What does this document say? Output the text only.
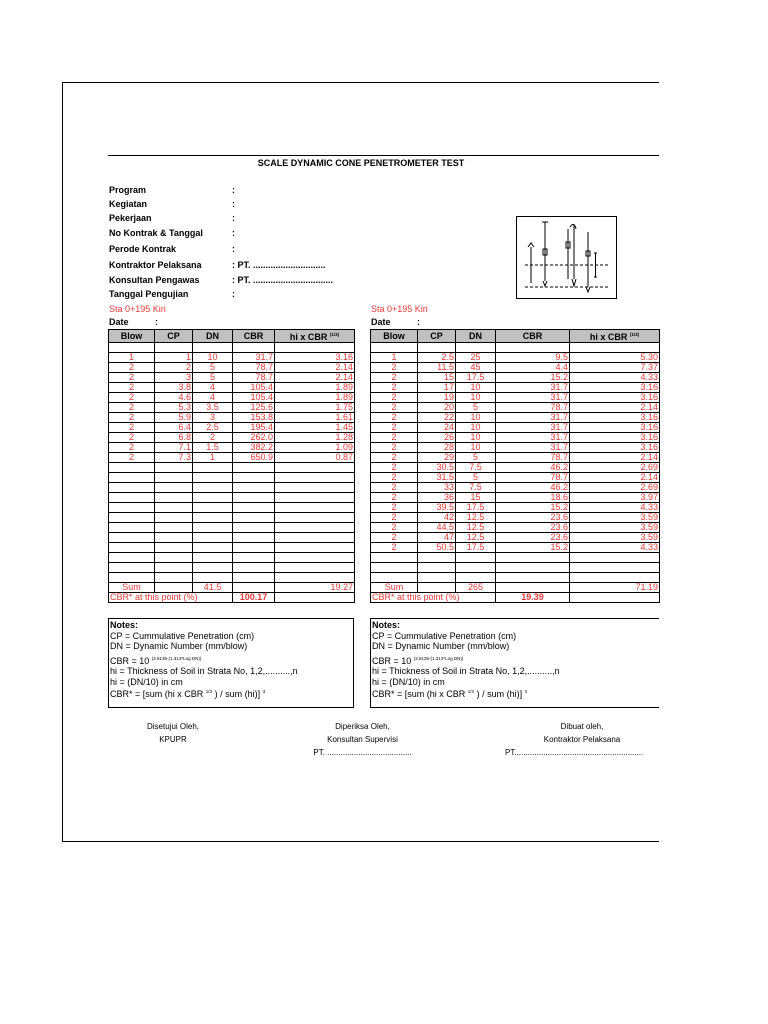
SCALE DYNAMIC CONE PENETROMETER TEST
Program	:
Kegiatan	:
Pekerjaan	:
No Kontrak & Tanggal	:
Perode Kontrak	:
Kontraktor Pelaksana	: PT. .............................
Konsultan Pengawas	: PT. ................................
Tanggal Pengujian	:
Sta 0+195 Kiri
Date	:
Blow	CP	DN	CBR	hi x CBR $^{(1/3)}$

1	1	10	31.7	3.16
2	2	5	78.7	2.14
2	3	5	78.7	2.14
2	3.8	4	105.4	1.89
2	4.6	4	105.4	1.89
2	5.3	3.5	125.6	1.75
2	5.9	3	153.8	1.61
2	6.4	2.5	195.4	1.45
2	6.8	2	262.0	1.28
2	7.1	1.5	382.2	1.09
2	7.3	1	650.9	0.87

Sum		41.5		19.27
CBR* at this point (%)			100.17	
Notes:
CP = Cummulative Penetration (cm)
DN = Dynamic Number (mm/blow)
CBR = 10 $^{(2.8135-(1.313*Log DN))}$
hi = Thickness of Soil in Strata No, 1,2,..........,n
hi = (DN/10) in cm
CBR* = [sum (hi x CBR $^{1/3}$ ) / sum (hi)] $^3$
Sta 0+195 Kiri
Date	:
Blow	CP	DN	CBR	hi x CBR $^{(1/3)}$

1	2.5	25	9.5	5.30
2	11.5	45	4.4	7.37
2	15	17.5	15.2	4.33
2	17	10	31.7	3.16
2	19	10	31.7	3.16
2	20	5	78.7	2.14
2	22	10	31.7	3.16
2	24	10	31.7	3.16
2	26	10	31.7	3.16
2	28	10	31.7	3.16
2	29	5	78.7	2.14
2	30.5	7.5	46.2	2.69
2	31.5	5	78.7	2.14
2	33	7.5	46.2	2.69
2	36	15	18.6	3.97
2	39.5	17.5	15.2	4.33
2	42	12.5	23.6	3.59
2	44.5	12.5	23.6	3.59
2	47	12.5	23.6	3.59
2	50.5	17.5	15.2	4.33

Sum		265		71.19
CBR* at this point (%)			19.39	
Notes:
CP = Cummulative Penetration (cm)
DN = Dynamic Number (mm/blow)
CBR = 10 $^{(2.8135-(1.313*Log DN))}$
hi = Thickness of Soil in Strata No, 1,2,..........,n
hi = (DN/10) in cm
CBR* = [sum (hi x CBR $^{1/3}$ ) / sum (hi)] $^3$
Disetujui Oleh,
KPUPR
Diperiksa Oleh,
Konsultan Supervisi
PT. ......................................
Dibuat oleh,
Kontraktor Pelaksana
PT..........................................................
